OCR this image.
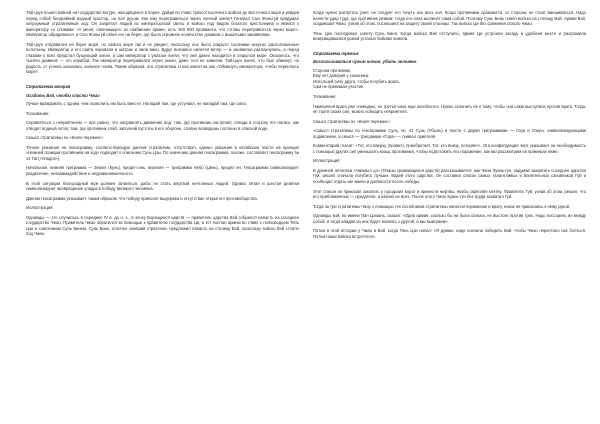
Тай-цзун пошел войной на государство Когуре, находящееся в Корее. Дойдя по главе трехсоттысячного войска до Восточного моря и увидев перед собой бескрайний водный простор, он пал духом. Как ему переправиться через полный океан? Генерал Сюэ Жэньгуй придумал хитроумный стратагемный ход. Он запрятал людей из императорской свиты и войско под видом богатого крестьянина и явился к императору со словами: «У меня, отвечающего за снабжение армии, есть 300 000 провианта, что готовы переправиться через море». Император обрадовался, и Сюэ Жэньгуй отвел его на берег, где было огромное количество домиков с вышитыми занавесями.

Тай-цзун отправился на берег моря, но самого моря так и не увидел, поскольку оно было сокрыто тысячами искусно расположенных полотнищ. Император и его свита пировали в шатрах и пили вино. Вдруг внезапно налетел ветер — и занавески распахнулись, и перед глазами у всех предстал бушующий океан, а сам император с ужасом понял, что уже давно находится в открытом море. Оказалось, что тысячи домиков — это корабли. Так император переправился через океан, даже того не заметив. Тай-цзун понял, что был обманут, но радость от успеха оказалась сильнее гнева. Таким образом, эта стратагема стала известна как «Обмануть императора, чтобы переплыть море».

Стратагема вторая

Осадить Вэй, чтобы спасти Чжао

Лучше враждовать с одним, чем позволить им быть вместе. Нападай там, где уступают, не нападай там, где сила.

Толкование:

Справляться с неприятелем — все равно, что направлять движение вод: там, где противник наступает, отводи в сторону его натиск, как отводят водный поток; там, где противник слаб, заполняй пустоты в его обороне, словно возводишь плотины в опасной воде.

Смысл стратагемы по «Книге перемен»:

Точное указание на гексаграмму, соответствующую данной стратагеме, отсутствует, однако указание в китайском тексте на принцип «Нижней позиции противника на ход» подходит к описанию Сунь Цзы. По значению данная гексаграмма, похоже, составляет гексаграмму № 12 Пи («Упадок»).

Начальная, нижняя триграмма — Земля (Кунь), предел инь, верхняя — триграмма Небо (Цянь), предел ян. Гексаграмма символизирует разделение, невзаимодействие и неуравновешенность.

В этой ситуации благородный муж должен затаиться, дабы не стать жертвой ничтожных людей. Однако пятая и шестая девятки символизируют превращение упадка в победу великого человека.

Данная гексаграмма указывает, таким образом, что победу приносит выдержка и отсутствие открытого противоборства.

Иллюстрация:

Однажды — это случилось в середине IV в. до н. э., в эпоху Борющихся царств — правитель царства Вэй собрался напасть на соседнее государство Чжао. Правитель Чжао обратился за помощью к правителю государства Ци, и тот послал армию во главе с полководцем Тянь Цзи и советником Сунь Бинем. Сунь Бинь, отлично знавший стратегию, предложил напасть на столицу Вэй, поскольку войско Вэй стояло под Чжао.

Когда нужно распутать узел, не следует его тянуть изо всех сил. Когда противники сражаются, со стороны не стоит вмешиваться. Надо нанести удар туда, где противник уязвим: тогда его сила иссякнет сама собой. Поэтому Сунь Бинь повел войско на столицу Вэй. Армия Вэй, осадившая Чжао, узнав об этом, поспешила на защиту своей столицы. Так войско Ци без сражения спасло Чжао.

Тянь Цзи последовал совету Сунь Биня. Когда войско Вэй отступило, армия Ци устроила засаду в удобном месте и разгромила возвращавшихся домой усталых вэйских воинов.

Стратагема третья

Воспользоваться чужим ножом, убить человека

Сторона противник,

Ему нет доверия у союзника.

Используй силу друга, чтобы погубить врага,

Сам не принимая участия.

Толкование:

Намерения врага уже очевидны, но третья сила еще колеблется. Нужно склонить ее к тому, чтобы она сама выступила против врага. Тогда, не тратя своих сил, можно победить неприятеля.

Смысл стратагемы по «Книге перемен»:

«Смысл стратагемы по гексаграмме Сунь, № 41 Сунь (Убыль) в тексте с двумя триграммами — Гора и Озеро, символизирующими подавление, а смысл — триграмма «Гора» — символ приятеля.

Комментарий гласит: «Тот, кто вверху (правит), приобретает. Тот, кто внизу, потеряет». Эта конфигурация черт указывает на необходимость с помощью других сил уменьшить мощь противника, чтобы подготовить его поражение, как мы рассмотрим на примерах ниже.

Иллюстрация:

В древней летописи «Чжаньго цэ» (Планы сражающихся царств) рассказывается, как Чжэн Хуань-гун, задумав захватить соседнее царство Гуй, решил сначала погубить лучших людей этого царства. Он составил список самых талантливых и влиятельных сановников Гуй и пообещал отдать им земли и должности после победы.

Этот список он приказал закопать у городских ворот и принести жертвы, якобы скрепляя клятву. Правитель Гуй, узнав об этом, решил, что его приближенные — предатели, и казнил их всех. После этого Чжэн Хуань-гун без труда захватил Гуй.

Тогда за три стратагемы Чжоу с помощью тех пособников стратагемы нанесли поражение и врагу, никак не прикасаясь к нему рукой.

Однажды вэй, по имени Пан Цзюань, сказал: «Одна армия, сколько бы ни была сильна, не выстоит против трех. Надо поссорить их между собой, и тогда каждая из них будет воевать с другой, а мы выиграем».

Потом в этой истории у Чжао и Вэй, когда Тянь Цзи напал: «Я думаю, надо сначала победить Вэй, чтобы Чжао перестало нас бояться. Потом наши войска встретятся».
